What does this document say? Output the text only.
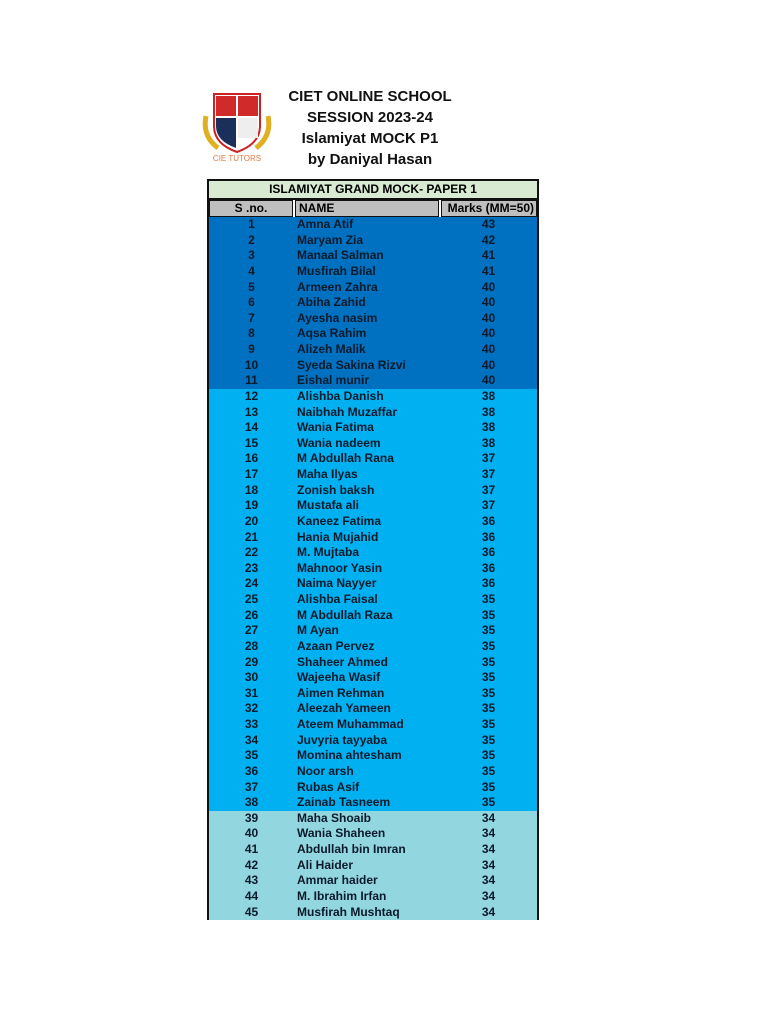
CIE TUTORS
CIET ONLINE SCHOOL
SESSION 2023-24
Islamiyat MOCK P1
by Daniyal Hasan
ISLAMIYAT GRAND MOCK- PAPER 1
S .no.	NAME	Marks (MM=50)
1	Amna Atif	43
2	Maryam Zia	42
3	Manaal Salman	41
4	Musfirah Bilal	41
5	Armeen Zahra	40
6	Abiha Zahid	40
7	Ayesha nasim	40
8	Aqsa Rahim	40
9	Alizeh Malik	40
10	Syeda Sakina Rizvi	40
11	Eishal munir	40
12	Alishba Danish	38
13	Naibhah Muzaffar	38
14	Wania Fatima	38
15	Wania nadeem	38
16	M Abdullah Rana	37
17	Maha Ilyas	37
18	Zonish baksh	37
19	Mustafa ali	37
20	Kaneez Fatima	36
21	Hania Mujahid	36
22	M. Mujtaba	36
23	Mahnoor Yasin	36
24	Naima Nayyer	36
25	Alishba Faisal	35
26	M Abdullah Raza	35
27	M Ayan	35
28	Azaan Pervez	35
29	Shaheer Ahmed	35
30	Wajeeha Wasif	35
31	Aimen Rehman	35
32	Aleezah Yameen	35
33	Ateem Muhammad	35
34	Juvyria tayyaba	35
35	Momina ahtesham	35
36	Noor arsh	35
37	Rubas Asif	35
38	Zainab Tasneem	35
39	Maha Shoaib	34
40	Wania Shaheen	34
41	Abdullah bin Imran	34
42	Ali Haider	34
43	Ammar haider	34
44	M. Ibrahim Irfan	34
45	Musfirah Mushtaq	34
